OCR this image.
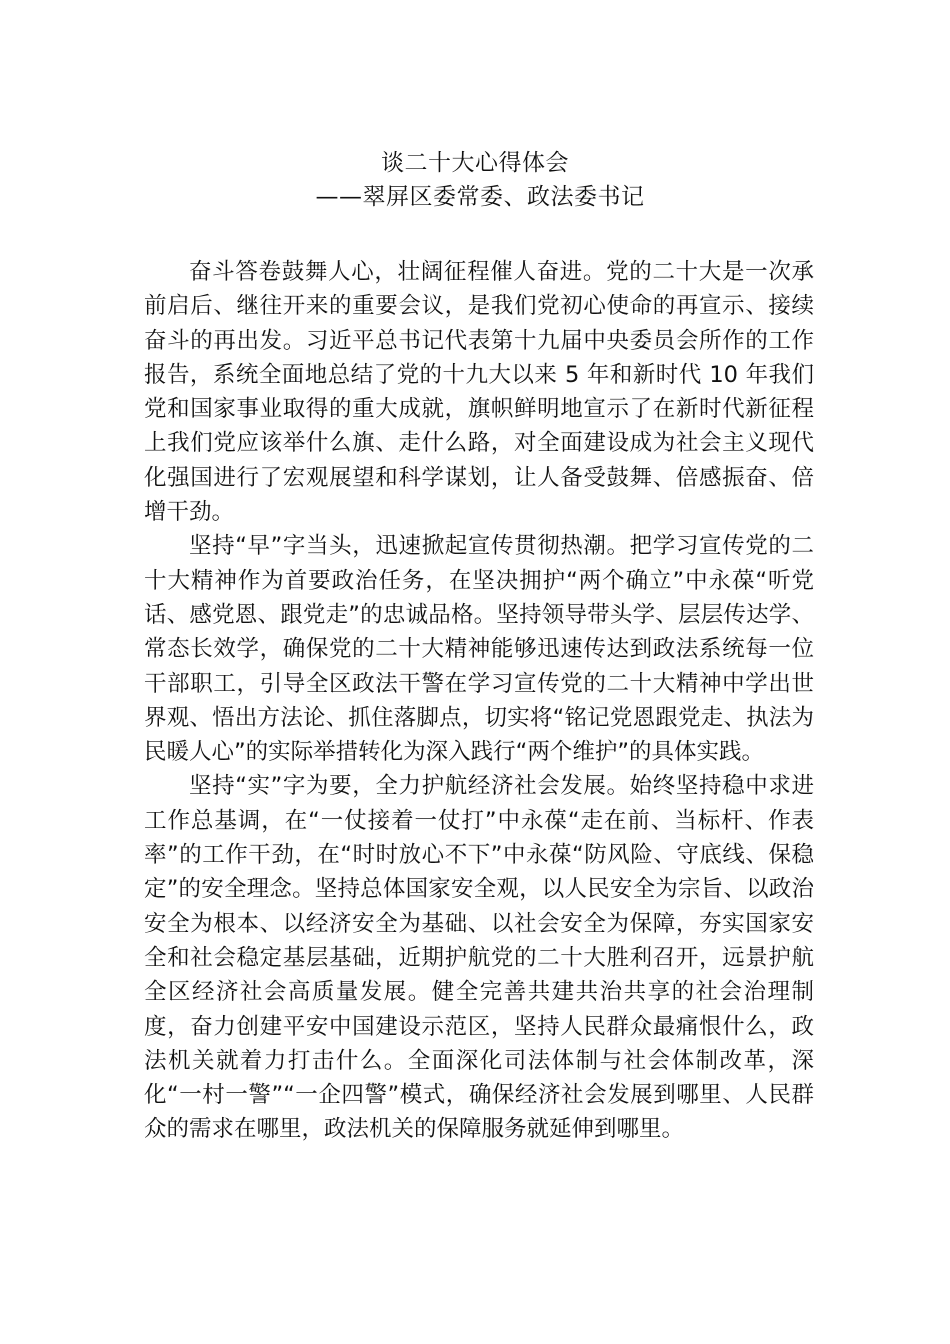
谈二十大心得体会
——翠屏区委常委、政法委书记

奋斗答卷鼓舞人心，壮阔征程催人奋进。党的二十大是一次承前启后、继往开来的重要会议，是我们党初心使命的再宣示、接续奋斗的再出发。习近平总书记代表第十九届中央委员会所作的工作报告，系统全面地总结了党的十九大以来 5 年和新时代 10 年我们党和国家事业取得的重大成就，旗帜鲜明地宣示了在新时代新征程上我们党应该举什么旗、走什么路，对全面建设成为社会主义现代化强国进行了宏观展望和科学谋划，让人备受鼓舞、倍感振奋、倍增干劲。

坚持“早”字当头，迅速掀起宣传贯彻热潮。把学习宣传党的二十大精神作为首要政治任务，在坚决拥护“两个确立”中永葆“听党话、感党恩、跟党走”的忠诚品格。坚持领导带头学、层层传达学、常态长效学，确保党的二十大精神能够迅速传达到政法系统每一位干部职工，引导全区政法干警在学习宣传党的二十大精神中学出世界观、悟出方法论、抓住落脚点，切实将“铭记党恩跟党走、执法为民暖人心”的实际举措转化为深入践行“两个维护”的具体实践。

坚持“实”字为要，全力护航经济社会发展。始终坚持稳中求进工作总基调，在“一仗接着一仗打”中永葆“走在前、当标杆、作表率”的工作干劲，在“时时放心不下”中永葆“防风险、守底线、保稳定”的安全理念。坚持总体国家安全观，以人民安全为宗旨、以政治安全为根本、以经济安全为基础、以社会安全为保障，夯实国家安全和社会稳定基层基础，近期护航党的二十大胜利召开，远景护航全区经济社会高质量发展。健全完善共建共治共享的社会治理制度，奋力创建平安中国建设示范区，坚持人民群众最痛恨什么，政法机关就着力打击什么。全面深化司法体制与社会体制改革，深化“一村一警”“一企四警”模式，确保经济社会发展到哪里、人民群众的需求在哪里，政法机关的保障服务就延伸到哪里。
